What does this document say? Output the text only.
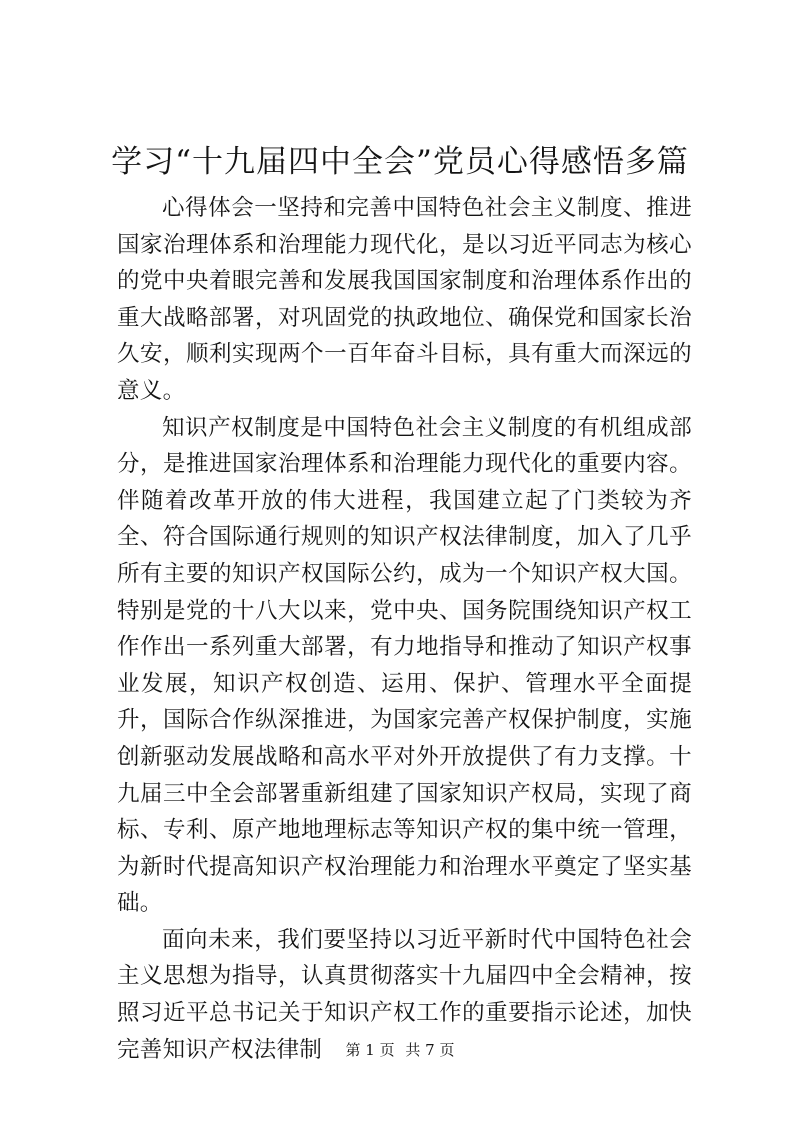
学习“十九届四中全会”党员心得感悟多篇

心得体会一坚持和完善中国特色社会主义制度、推进国家治理体系和治理能力现代化，是以习近平同志为核心的党中央着眼完善和发展我国国家制度和治理体系作出的重大战略部署，对巩固党的执政地位、确保党和国家长治久安，顺利实现两个一百年奋斗目标，具有重大而深远的意义。

知识产权制度是中国特色社会主义制度的有机组成部分，是推进国家治理体系和治理能力现代化的重要内容。伴随着改革开放的伟大进程，我国建立起了门类较为齐全、符合国际通行规则的知识产权法律制度，加入了几乎所有主要的知识产权国际公约，成为一个知识产权大国。特别是党的十八大以来，党中央、国务院围绕知识产权工作作出一系列重大部署，有力地指导和推动了知识产权事业发展，知识产权创造、运用、保护、管理水平全面提升，国际合作纵深推进，为国家完善产权保护制度，实施创新驱动发展战略和高水平对外开放提供了有力支撑。十九届三中全会部署重新组建了国家知识产权局，实现了商标、专利、原产地地理标志等知识产权的集中统一管理，为新时代提高知识产权治理能力和治理水平奠定了坚实基础。

面向未来，我们要坚持以习近平新时代中国特色社会主义思想为指导，认真贯彻落实十九届四中全会精神，按照习近平总书记关于知识产权工作的重要指示论述，加快完善知识产权法律制	第 1 页 共 7 页
